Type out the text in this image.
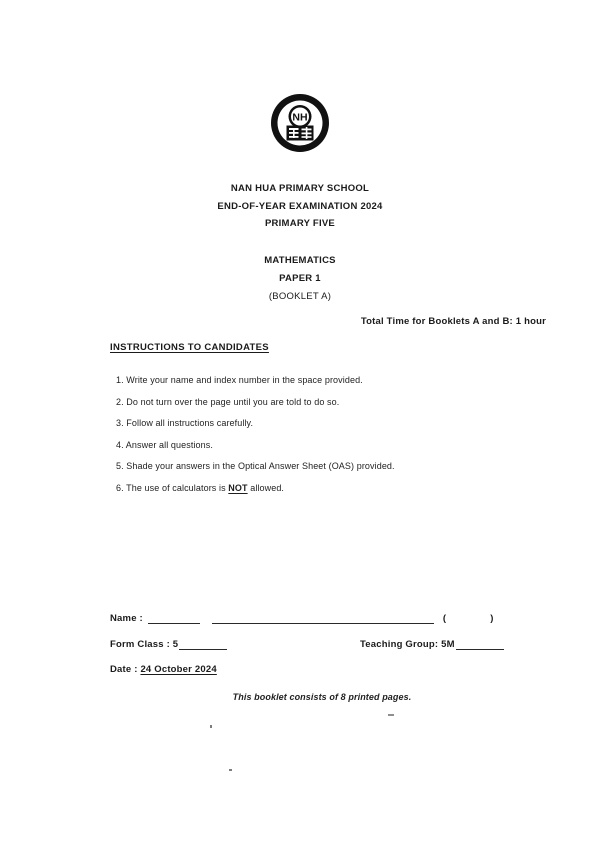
NH
NAN HUA PRIMARY SCHOOL
END-OF-YEAR EXAMINATION 2024
PRIMARY FIVE
MATHEMATICS
PAPER 1
(BOOKLET A)
Total Time for Booklets A and B: 1 hour
INSTRUCTIONS TO CANDIDATES
1. Write your name and index number in the space provided.
2. Do not turn over the page until you are told to do so.
3. Follow all instructions carefully.
4. Answer all questions.
5. Shade your answers in the Optical Answer Sheet (OAS) provided.
6. The use of calculators is NOT allowed.
Name :	(	)
Form Class : 5	Teaching Group: 5M
Date : 24 October 2024
This booklet consists of 8 printed pages.
